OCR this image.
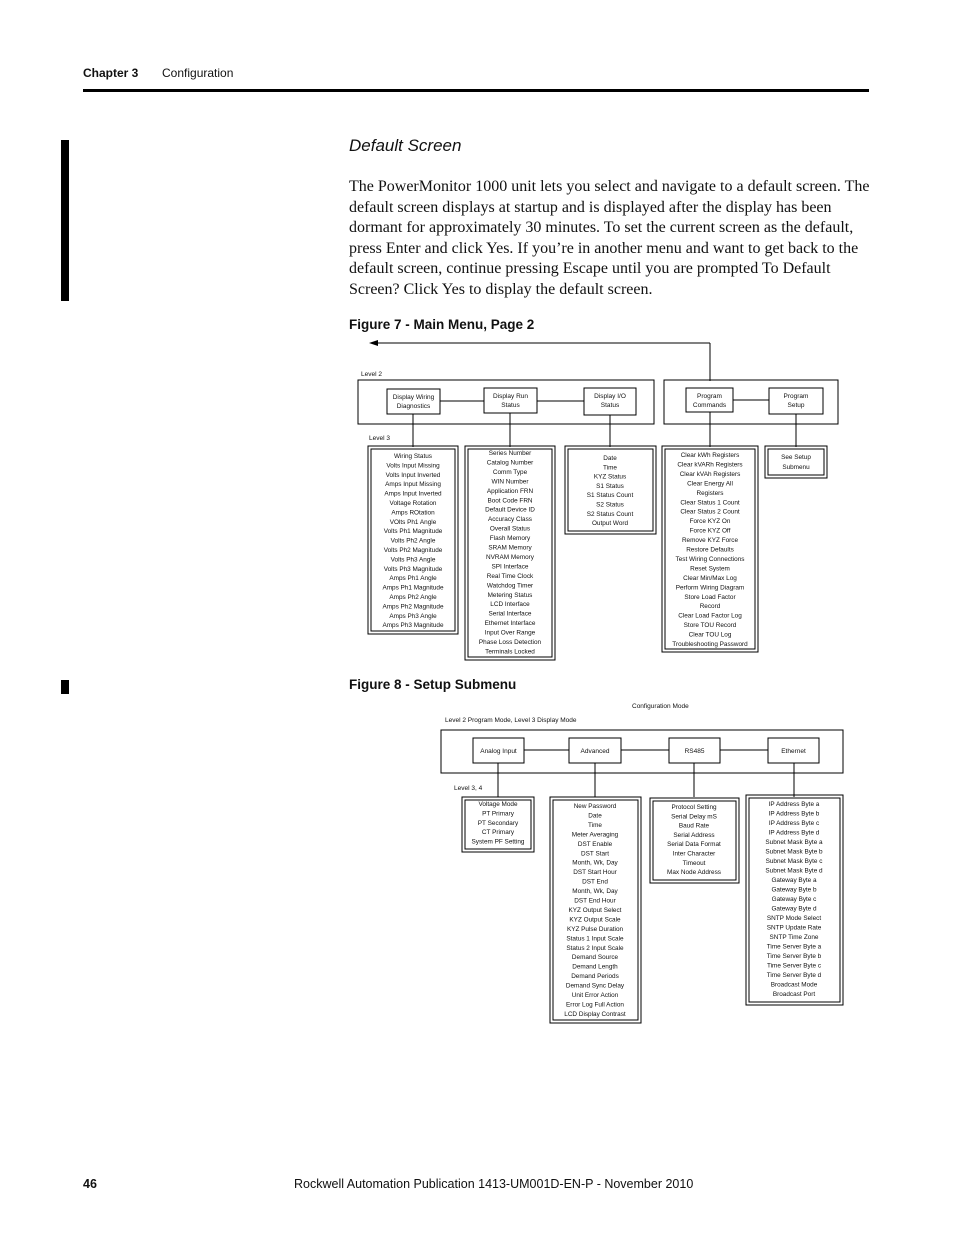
Chapter 3 Configuration
Default Screen
The PowerMonitor 1000 unit lets you select and navigate to a default screen. The default screen displays at startup and is displayed after the display has been dormant for approximately 30 minutes. To set the current screen as the default, press Enter and click Yes. If you’re in another menu and want to get back to the default screen, continue pressing Escape until you are prompted To Default Screen? Click Yes to display the default screen.
Figure 7 - Main Menu, Page 2
Figure 8 - Setup Submenu
Level 2
Level 3
Display Wiring
Diagnostics
Display Run
Status
Display I/O
Status
Program
Commands
Program
Setup
Wiring Status
Volts Input Missing
Volts Input Inverted
Amps Input Missing
Amps Input Inverted
Voltage Rotation
Amps ROtation
VOlts Ph1 Angle
Volts Ph1 Magnitude
Volts Ph2 Angle
Volts Ph2 Magnitude
Volts Ph3 Angle
Volts Ph3 Magnitude
Amps Ph1 Angle
Amps Ph1 Magnitude
Amps Ph2 Angle
Amps Ph2 Magnitude
Amps Ph3 Angle
Amps Ph3 Magnitude
Series Number
Catalog Number
Comm Type
WIN Number
Application FRN
Boot Code FRN
Default Device ID
Accuracy Class
Overall Status
Flash Memory
SRAM Memory
NVRAM Memory
SPI Interface
Real Time Clock
Watchdog Timer
Metering Status
LCD Interface
Serial Interface
Ethernet Interface
Input Over Range
Phase Loss Detection
Terminals Locked
Date
Time
KYZ Status
S1 Status
S1 Status Count
S2 Status
S2 Status Count
Output Word
Clear kWh Registers
Clear kVARh Registers
Clear kVAh Registers
Clear Energy All
Registers
Clear Status 1 Count
Clear Status 2 Count
Force KYZ On
Force KYZ Off
Remove KYZ Force
Restore Defaults
Test Wiring Connections
Reset System
Clear Min/Max Log
Perform Wiring Diagram
Store Load Factor
Record
Clear Load Factor Log
Store TOU Record
Clear TOU Log
Troubleshooting Password
See Setup
Submenu
Configuration Mode
Level 2 Program Mode, Level 3 Display Mode
Level 3, 4
Analog Input	Advanced	RS485	Ethernet
Voltage Mode
PT Primary
PT Secondary
CT Primary
System PF Setting
New Password
Date
Time
Meter Averaging
DST Enable
DST Start
Month, Wk, Day
DST Start Hour
DST End
Month, Wk, Day
DST End Hour
KYZ Output Select
KYZ Output Scale
KYZ Pulse Duration
Status 1 Input Scale
Status 2 Input Scale
Demand Source
Demand Length
Demand Periods
Demand Sync Delay
Unit Error Action
Error Log Full Action
LCD Display Contrast
Protocol Setting
Serial Delay mS
Baud Rate
Serial Address
Serial Data Format
Inter Character
Timeout
Max Node Address
IP Address Byte a
IP Address Byte b
IP Address Byte c
IP Address Byte d
Subnet Mask Byte a
Subnet Mask Byte b
Subnet Mask Byte c
Subnet Mask Byte d
Gateway Byte a
Gateway Byte b
Gateway Byte c
Gateway Byte d
SNTP Mode Select
SNTP Update Rate
SNTP Time Zone
Time Server Byte a
Time Server Byte b
Time Server Byte c
Time Server Byte d
Broadcast Mode
Broadcast Port
46	Rockwell Automation Publication 1413-UM001D-EN-P - November 2010
